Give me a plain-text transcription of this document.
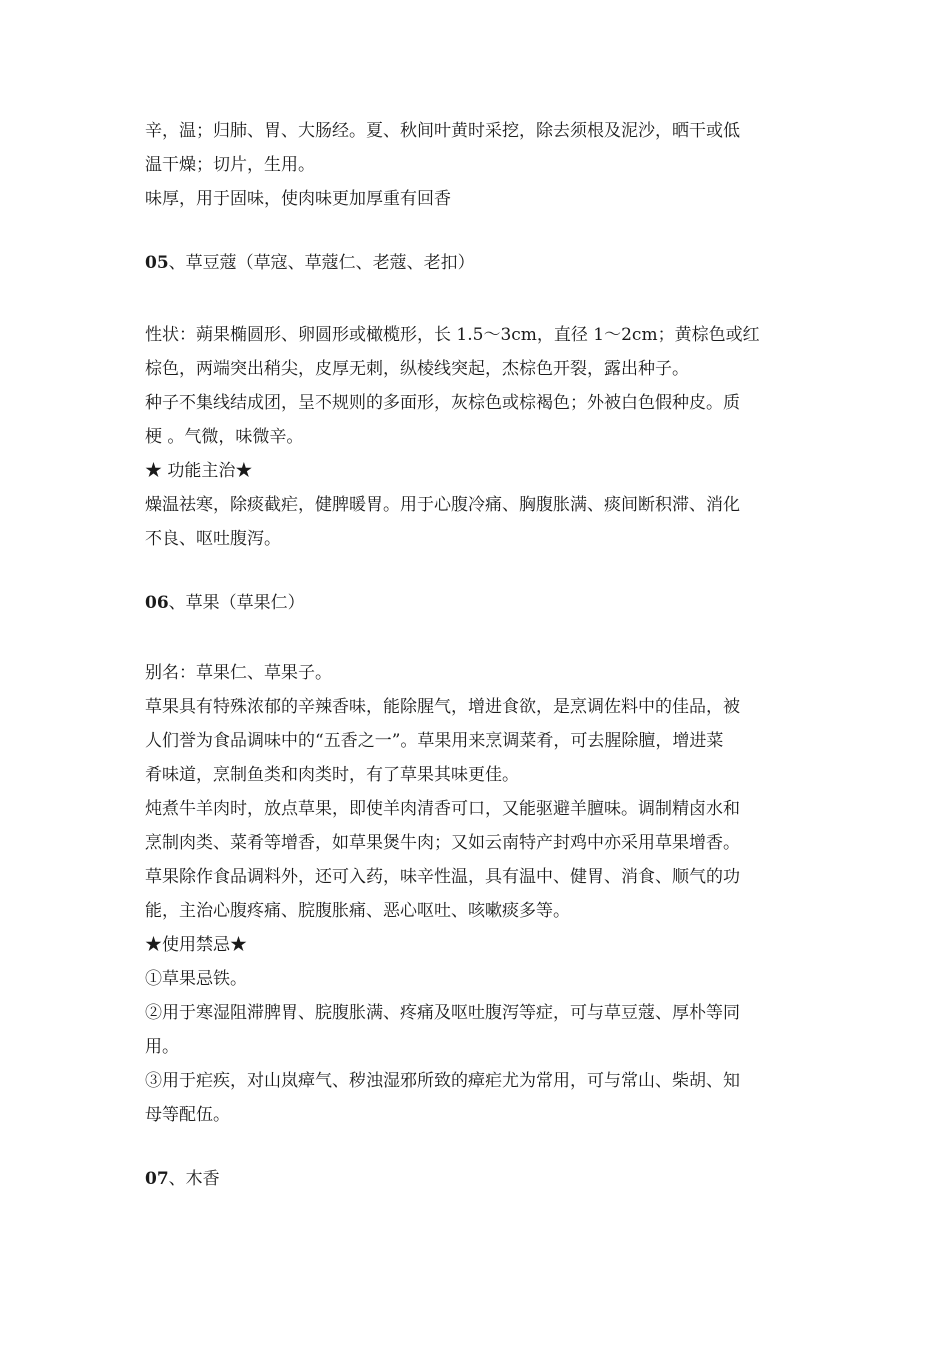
辛，温；归肺、胃、大肠经。夏、秋间叶黄时采挖，除去须根及泥沙，晒干或低
温干燥；切片，生用。
味厚，用于固味，使肉味更加厚重有回香
05、草豆蔻（草寇、草蔻仁、老蔻、老扣）
性状：蒴果椭圆形、卵圆形或橄榄形，长 1.5～3cm，直径 1～2cm；黄棕色或红
棕色，两端突出稍尖，皮厚无刺，纵棱线突起，杰棕色开裂，露出种子。
种子不集线结成团，呈不规则的多面形，灰棕色或棕褐色；外被白色假种皮。质
梗 。气微，味微辛。
★ 功能主治★
燥温祛寒，除痰截疟，健脾暖胃。用于心腹冷痛、胸腹胀满、痰间断积滞、消化
不良、呕吐腹泻。
06、草果（草果仁）
别名：草果仁、草果子。
草果具有特殊浓郁的辛辣香味，能除腥气，增进食欲，是烹调佐料中的佳品，被
人们誉为食品调味中的“五香之一”。草果用来烹调菜肴，可去腥除膻，增进菜
肴味道，烹制鱼类和肉类时，有了草果其味更佳。
炖煮牛羊肉时，放点草果，即使羊肉清香可口，又能驱避羊膻味。调制精卤水和
烹制肉类、菜肴等增香，如草果煲牛肉；又如云南特产封鸡中亦采用草果增香。
草果除作食品调料外，还可入药，味辛性温，具有温中、健胃、消食、顺气的功
能，主治心腹疼痛、脘腹胀痛、恶心呕吐、咳嗽痰多等。
★使用禁忌★
①草果忌铁。
②用于寒湿阻滞脾胃、脘腹胀满、疼痛及呕吐腹泻等症，可与草豆蔻、厚朴等同
用。
③用于疟疾，对山岚瘴气、秽浊湿邪所致的瘴疟尤为常用，可与常山、柴胡、知
母等配伍。
07、木香
